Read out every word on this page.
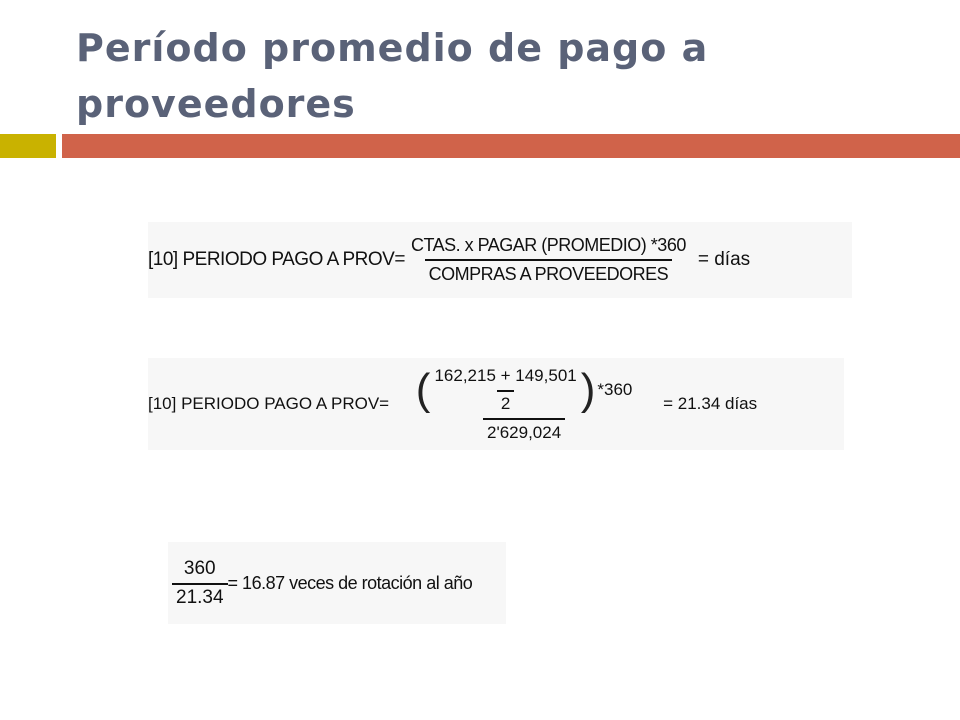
Período promedio de pago a proveedores
[10] PERIODO PAGO A PROV= $\frac{\text{CTAS. x PAGAR (PROMEDIO) *360}}{\text{COMPRAS A PROVEEDORES}}$ = días
[10] PERIODO PAGO A PROV= ( $\frac{162,215 + 149,501}{2}$ ) *360
2'629,024
= 21.34 días
$\frac{360}{21.34} = 16.87$ veces de rotación al año
